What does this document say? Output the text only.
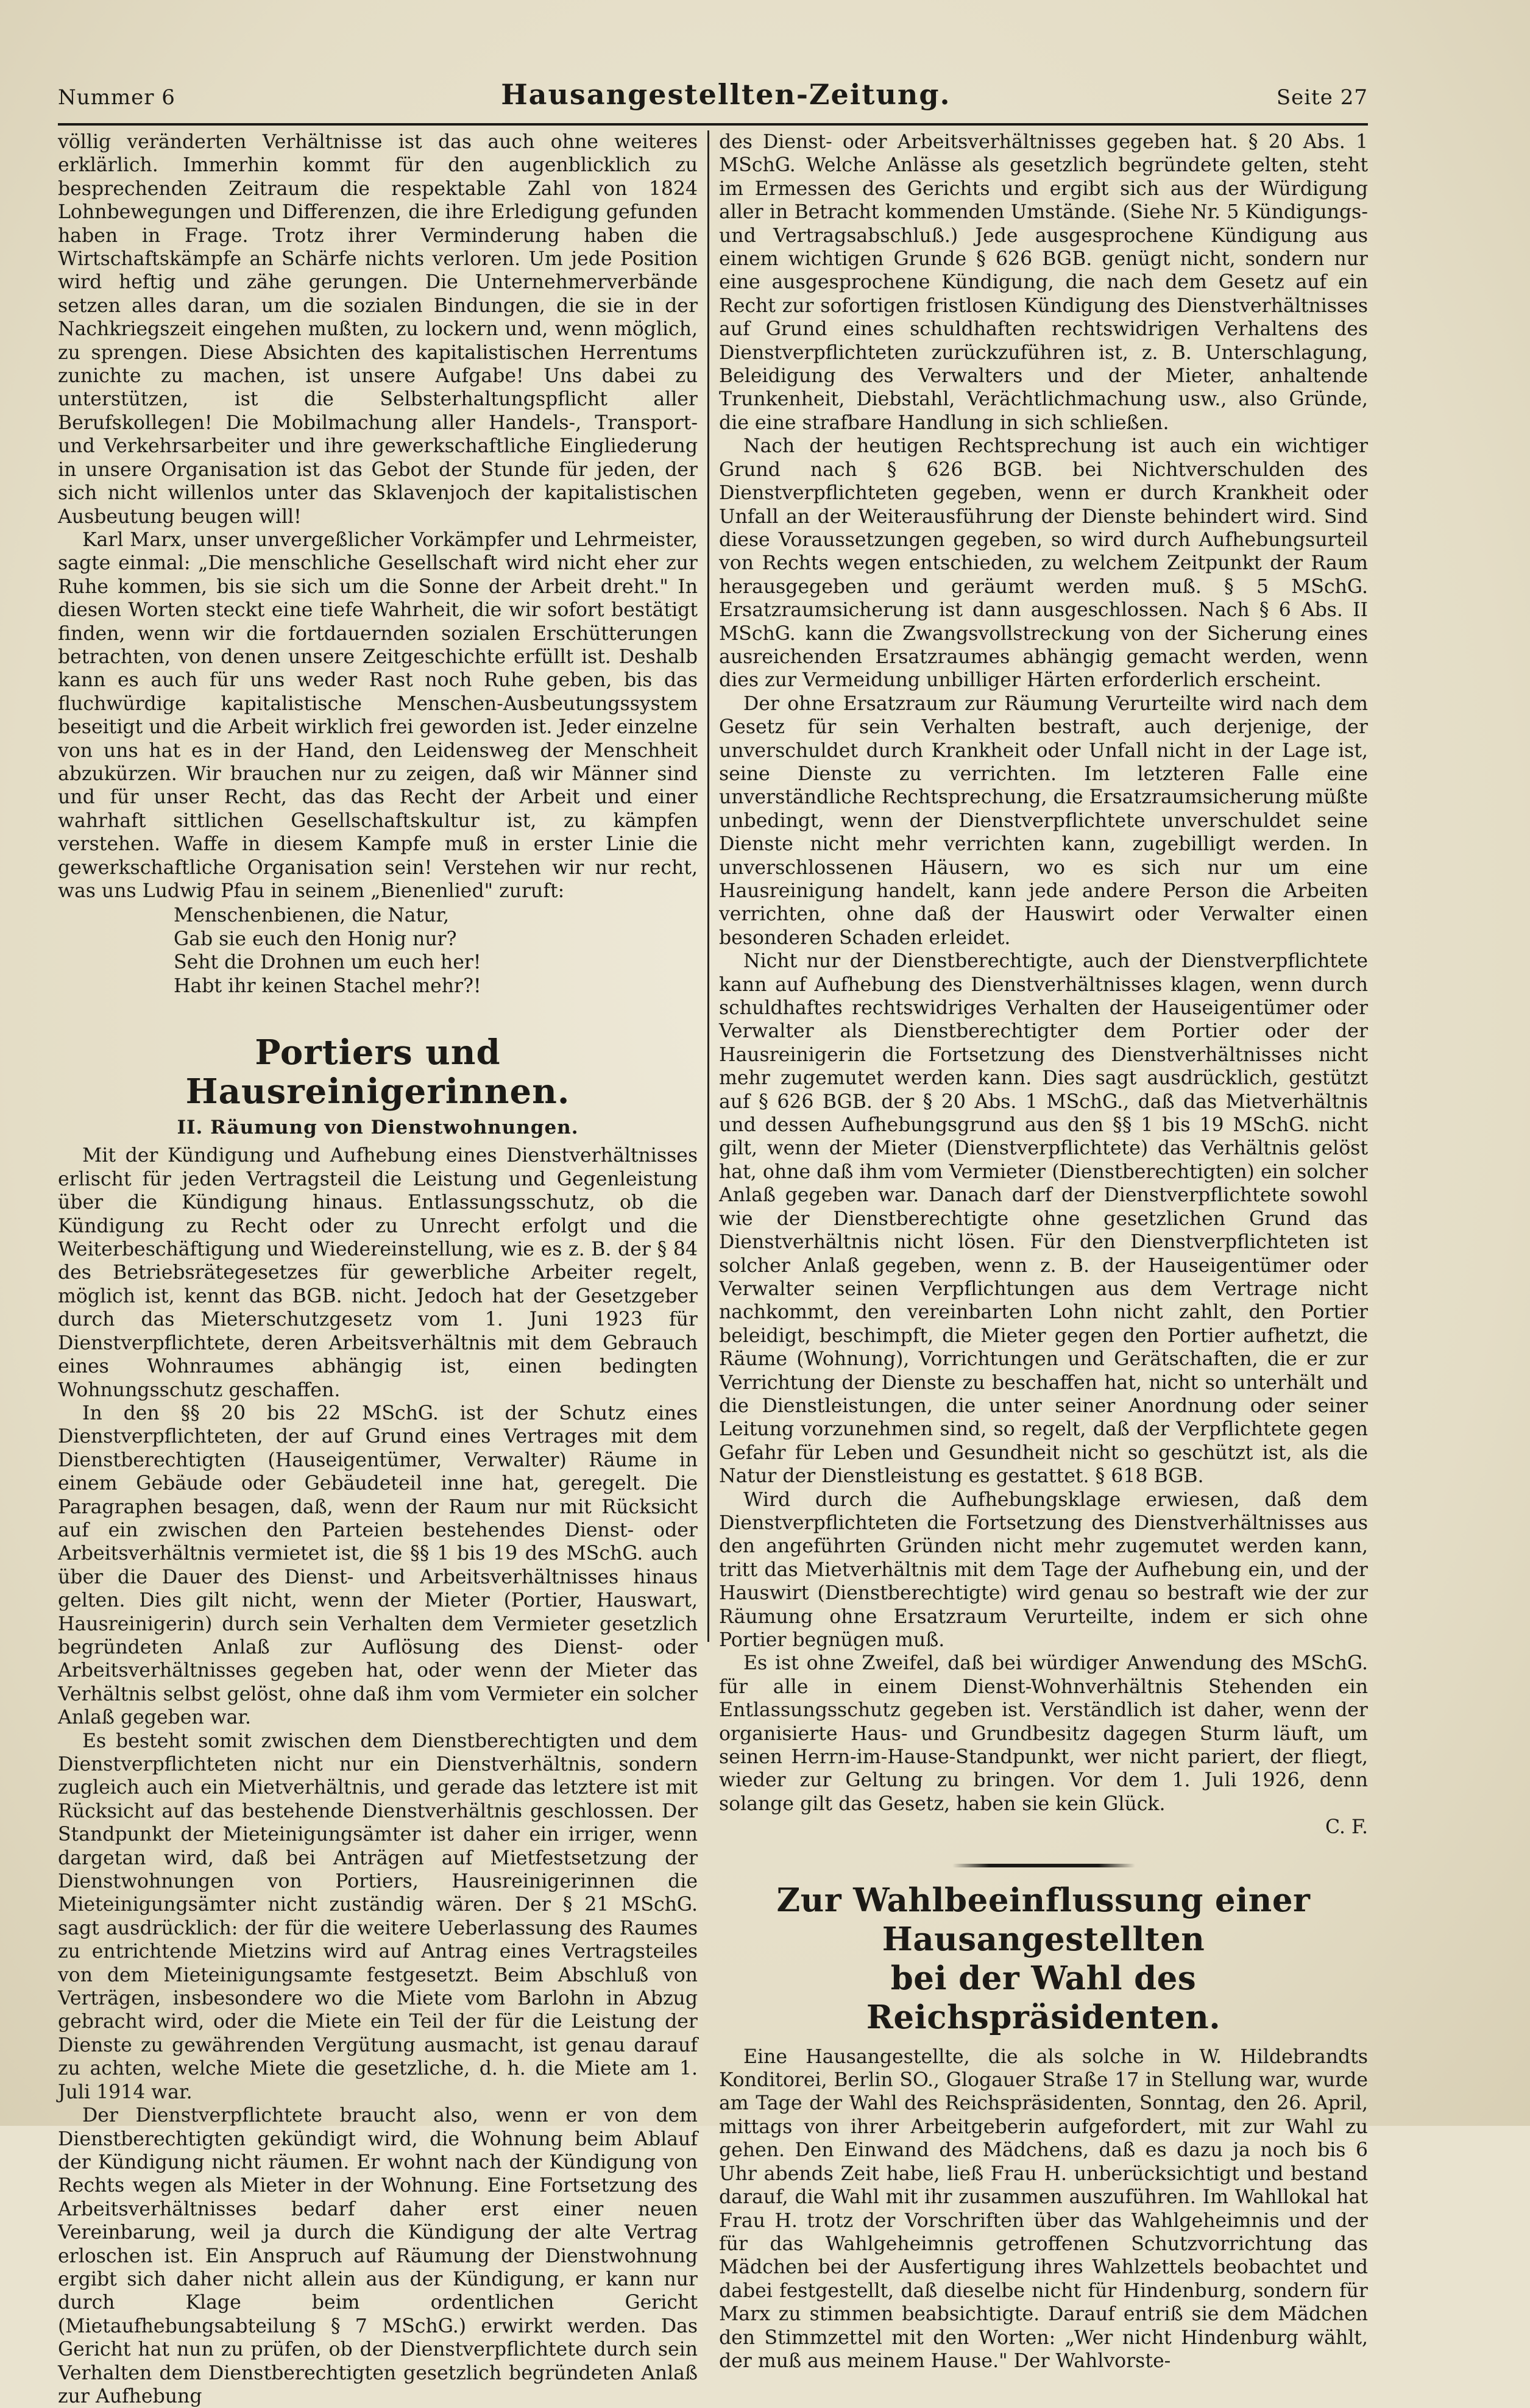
Nummer 6	Hausangestellten-Zeitung.	Seite 27

völlig veränderten Verhältnisse ist das auch ohne weiteres erklärlich. Immerhin kommt für den augenblicklich zu besprechenden Zeitraum die respektable Zahl von 1824 Lohnbewegungen und Differenzen, die ihre Erledigung gefunden haben in Frage. Trotz ihrer Verminderung haben die Wirtschaftskämpfe an Schärfe nichts verloren. Um jede Position wird heftig und zähe gerungen. Die Unternehmerverbände setzen alles daran, um die sozialen Bindungen, die sie in der Nachkriegszeit eingehen mußten, zu lockern und, wenn möglich, zu sprengen. Diese Absichten des kapitalistischen Herrentums zunichte zu machen, ist unsere Aufgabe! Uns dabei zu unterstützen, ist die Selbsterhaltungspflicht aller Berufskollegen! Die Mobilmachung aller Handels-, Transport- und Verkehrsarbeiter und ihre gewerkschaftliche Eingliederung in unsere Organisation ist das Gebot der Stunde für jeden, der sich nicht willenlos unter das Sklavenjoch der kapitalistischen Ausbeutung beugen will!

Karl Marx, unser unvergeßlicher Vorkämpfer und Lehrmeister, sagte einmal: „Die menschliche Gesellschaft wird nicht eher zur Ruhe kommen, bis sie sich um die Sonne der Arbeit dreht." In diesen Worten steckt eine tiefe Wahrheit, die wir sofort bestätigt finden, wenn wir die fortdauernden sozialen Erschütterungen betrachten, von denen unsere Zeitgeschichte erfüllt ist. Deshalb kann es auch für uns weder Rast noch Ruhe geben, bis das fluchwürdige kapitalistische Menschen-Ausbeutungssystem beseitigt und die Arbeit wirklich frei geworden ist. Jeder einzelne von uns hat es in der Hand, den Leidensweg der Menschheit abzukürzen. Wir brauchen nur zu zeigen, daß wir Männer sind und für unser Recht, das das Recht der Arbeit und einer wahrhaft sittlichen Gesellschaftskultur ist, zu kämpfen verstehen. Waffe in diesem Kampfe muß in erster Linie die gewerkschaftliche Organisation sein! Verstehen wir nur recht, was uns Ludwig Pfau in seinem „Bienenlied" zuruft:

Menschenbienen, die Natur,
Gab sie euch den Honig nur?
Seht die Drohnen um euch her!
Habt ihr keinen Stachel mehr?!
Portiers und Hausreinigerinnen.
II. Räumung von Dienstwohnungen.

Mit der Kündigung und Aufhebung eines Dienstverhältnisses erlischt für jeden Vertragsteil die Leistung und Gegenleistung über die Kündigung hinaus. Entlassungsschutz, ob die Kündigung zu Recht oder zu Unrecht erfolgt und die Weiterbeschäftigung und Wiedereinstellung, wie es z. B. der § 84 des Betriebsrätegesetzes für gewerbliche Arbeiter regelt, möglich ist, kennt das BGB. nicht. Jedoch hat der Gesetzgeber durch das Mieterschutzgesetz vom 1. Juni 1923 für Dienstverpflichtete, deren Arbeitsverhältnis mit dem Gebrauch eines Wohnraumes abhängig ist, einen bedingten Wohnungsschutz geschaffen.

In den §§ 20 bis 22 MSchG. ist der Schutz eines Dienstverpflichteten, der auf Grund eines Vertrages mit dem Dienstberechtigten (Hauseigentümer, Verwalter) Räume in einem Gebäude oder Gebäudeteil inne hat, geregelt. Die Paragraphen besagen, daß, wenn der Raum nur mit Rücksicht auf ein zwischen den Parteien bestehendes Dienst- oder Arbeitsverhältnis vermietet ist, die §§ 1 bis 19 des MSchG. auch über die Dauer des Dienst- und Arbeitsverhältnisses hinaus gelten. Dies gilt nicht, wenn der Mieter (Portier, Hauswart, Hausreinigerin) durch sein Verhalten dem Vermieter gesetzlich begründeten Anlaß zur Auflösung des Dienst- oder Arbeitsverhältnisses gegeben hat, oder wenn der Mieter das Verhältnis selbst gelöst, ohne daß ihm vom Vermieter ein solcher Anlaß gegeben war.

Es besteht somit zwischen dem Dienstberechtigten und dem Dienstverpflichteten nicht nur ein Dienstverhältnis, sondern zugleich auch ein Mietverhältnis, und gerade das letztere ist mit Rücksicht auf das bestehende Dienstverhältnis geschlossen. Der Standpunkt der Mieteinigungsämter ist daher ein irriger, wenn dargetan wird, daß bei Anträgen auf Mietfestsetzung der Dienstwohnungen von Portiers, Hausreinigerinnen die Mieteinigungsämter nicht zuständig wären. Der § 21 MSchG. sagt ausdrücklich: der für die weitere Ueberlassung des Raumes zu entrichtende Mietzins wird auf Antrag eines Vertragsteiles von dem Mieteinigungsamte festgesetzt. Beim Abschluß von Verträgen, insbesondere wo die Miete vom Barlohn in Abzug gebracht wird, oder die Miete ein Teil der für die Leistung der Dienste zu gewährenden Vergütung ausmacht, ist genau darauf zu achten, welche Miete die gesetzliche, d. h. die Miete am 1. Juli 1914 war.

Der Dienstverpflichtete braucht also, wenn er von dem Dienstberechtigten gekündigt wird, die Wohnung beim Ablauf der Kündigung nicht räumen. Er wohnt nach der Kündigung von Rechts wegen als Mieter in der Wohnung. Eine Fortsetzung des Arbeitsverhältnisses bedarf daher erst einer neuen Vereinbarung, weil ja durch die Kündigung der alte Vertrag erloschen ist. Ein Anspruch auf Räumung der Dienstwohnung ergibt sich daher nicht allein aus der Kündigung, er kann nur durch Klage beim ordentlichen Gericht (Mietaufhebungsabteilung § 7 MSchG.) erwirkt werden. Das Gericht hat nun zu prüfen, ob der Dienstverpflichtete durch sein Verhalten dem Dienstberechtigten gesetzlich begründeten Anlaß zur Aufhebung

des Dienst- oder Arbeitsverhältnisses gegeben hat. § 20 Abs. 1 MSchG. Welche Anlässe als gesetzlich begründete gelten, steht im Ermessen des Gerichts und ergibt sich aus der Würdigung aller in Betracht kommenden Umstände. (Siehe Nr. 5 Kündigungs- und Vertragsabschluß.) Jede ausgesprochene Kündigung aus einem wichtigen Grunde § 626 BGB. genügt nicht, sondern nur eine ausgesprochene Kündigung, die nach dem Gesetz auf ein Recht zur sofortigen fristlosen Kündigung des Dienstverhältnisses auf Grund eines schuldhaften rechtswidrigen Verhaltens des Dienstverpflichteten zurückzuführen ist, z. B. Unterschlagung, Beleidigung des Verwalters und der Mieter, anhaltende Trunkenheit, Diebstahl, Verächtlichmachung usw., also Gründe, die eine strafbare Handlung in sich schließen.

Nach der heutigen Rechtsprechung ist auch ein wichtiger Grund nach § 626 BGB. bei Nichtverschulden des Dienstverpflichteten gegeben, wenn er durch Krankheit oder Unfall an der Weiterausführung der Dienste behindert wird. Sind diese Voraussetzungen gegeben, so wird durch Aufhebungsurteil von Rechts wegen entschieden, zu welchem Zeitpunkt der Raum herausgegeben und geräumt werden muß. § 5 MSchG. Ersatzraumsicherung ist dann ausgeschlossen. Nach § 6 Abs. II MSchG. kann die Zwangsvollstreckung von der Sicherung eines ausreichenden Ersatzraumes abhängig gemacht werden, wenn dies zur Vermeidung unbilliger Härten erforderlich erscheint.

Der ohne Ersatzraum zur Räumung Verurteilte wird nach dem Gesetz für sein Verhalten bestraft, auch derjenige, der unverschuldet durch Krankheit oder Unfall nicht in der Lage ist, seine Dienste zu verrichten. Im letzteren Falle eine unverständliche Rechtsprechung, die Ersatzraumsicherung müßte unbedingt, wenn der Dienstverpflichtete unverschuldet seine Dienste nicht mehr verrichten kann, zugebilligt werden. In unverschlossenen Häusern, wo es sich nur um eine Hausreinigung handelt, kann jede andere Person die Arbeiten verrichten, ohne daß der Hauswirt oder Verwalter einen besonderen Schaden erleidet.

Nicht nur der Dienstberechtigte, auch der Dienstverpflichtete kann auf Aufhebung des Dienstverhältnisses klagen, wenn durch schuldhaftes rechtswidriges Verhalten der Hauseigentümer oder Verwalter als Dienstberechtigter dem Portier oder der Hausreinigerin die Fortsetzung des Dienstverhältnisses nicht mehr zugemutet werden kann. Dies sagt ausdrücklich, gestützt auf § 626 BGB. der § 20 Abs. 1 MSchG., daß das Mietverhältnis und dessen Aufhebungsgrund aus den §§ 1 bis 19 MSchG. nicht gilt, wenn der Mieter (Dienstverpflichtete) das Verhältnis gelöst hat, ohne daß ihm vom Vermieter (Dienstberechtigten) ein solcher Anlaß gegeben war. Danach darf der Dienstverpflichtete sowohl wie der Dienstberechtigte ohne gesetzlichen Grund das Dienstverhältnis nicht lösen. Für den Dienstverpflichteten ist solcher Anlaß gegeben, wenn z. B. der Hauseigentümer oder Verwalter seinen Verpflichtungen aus dem Vertrage nicht nachkommt, den vereinbarten Lohn nicht zahlt, den Portier beleidigt, beschimpft, die Mieter gegen den Portier aufhetzt, die Räume (Wohnung), Vorrichtungen und Gerätschaften, die er zur Verrichtung der Dienste zu beschaffen hat, nicht so unterhält und die Dienstleistungen, die unter seiner Anordnung oder seiner Leitung vorzunehmen sind, so regelt, daß der Verpflichtete gegen Gefahr für Leben und Gesundheit nicht so geschützt ist, als die Natur der Dienstleistung es gestattet. § 618 BGB.

Wird durch die Aufhebungsklage erwiesen, daß dem Dienstverpflichteten die Fortsetzung des Dienstverhältnisses aus den angeführten Gründen nicht mehr zugemutet werden kann, tritt das Mietverhältnis mit dem Tage der Aufhebung ein, und der Hauswirt (Dienstberechtigte) wird genau so bestraft wie der zur Räumung ohne Ersatzraum Verurteilte, indem er sich ohne Portier begnügen muß.

Es ist ohne Zweifel, daß bei würdiger Anwendung des MSchG. für alle in einem Dienst-Wohnverhältnis Stehenden ein Entlassungsschutz gegeben ist. Verständlich ist daher, wenn der organisierte Haus- und Grundbesitz dagegen Sturm läuft, um seinen Herrn-im-Hause-Standpunkt, wer nicht pariert, der fliegt, wieder zur Geltung zu bringen. Vor dem 1. Juli 1926, denn solange gilt das Gesetz, haben sie kein Glück.

C. F.

Zur Wahlbeeinflussung einer Hausangestellten
bei der Wahl des Reichspräsidenten.

Eine Hausangestellte, die als solche in W. Hildebrandts Konditorei, Berlin SO., Glogauer Straße 17 in Stellung war, wurde am Tage der Wahl des Reichspräsidenten, Sonntag, den 26. April, mittags von ihrer Arbeitgeberin aufgefordert, mit zur Wahl zu gehen. Den Einwand des Mädchens, daß es dazu ja noch bis 6 Uhr abends Zeit habe, ließ Frau H. unberücksichtigt und bestand darauf, die Wahl mit ihr zusammen auszuführen. Im Wahllokal hat Frau H. trotz der Vorschriften über das Wahlgeheimnis und der für das Wahlgeheimnis getroffenen Schutzvorrichtung das Mädchen bei der Ausfertigung ihres Wahlzettels beobachtet und dabei festgestellt, daß dieselbe nicht für Hindenburg, sondern für Marx zu stimmen beabsichtigte. Darauf entriß sie dem Mädchen den Stimmzettel mit den Worten: „Wer nicht Hindenburg wählt, der muß aus meinem Hause." Der Wahlvorste-
